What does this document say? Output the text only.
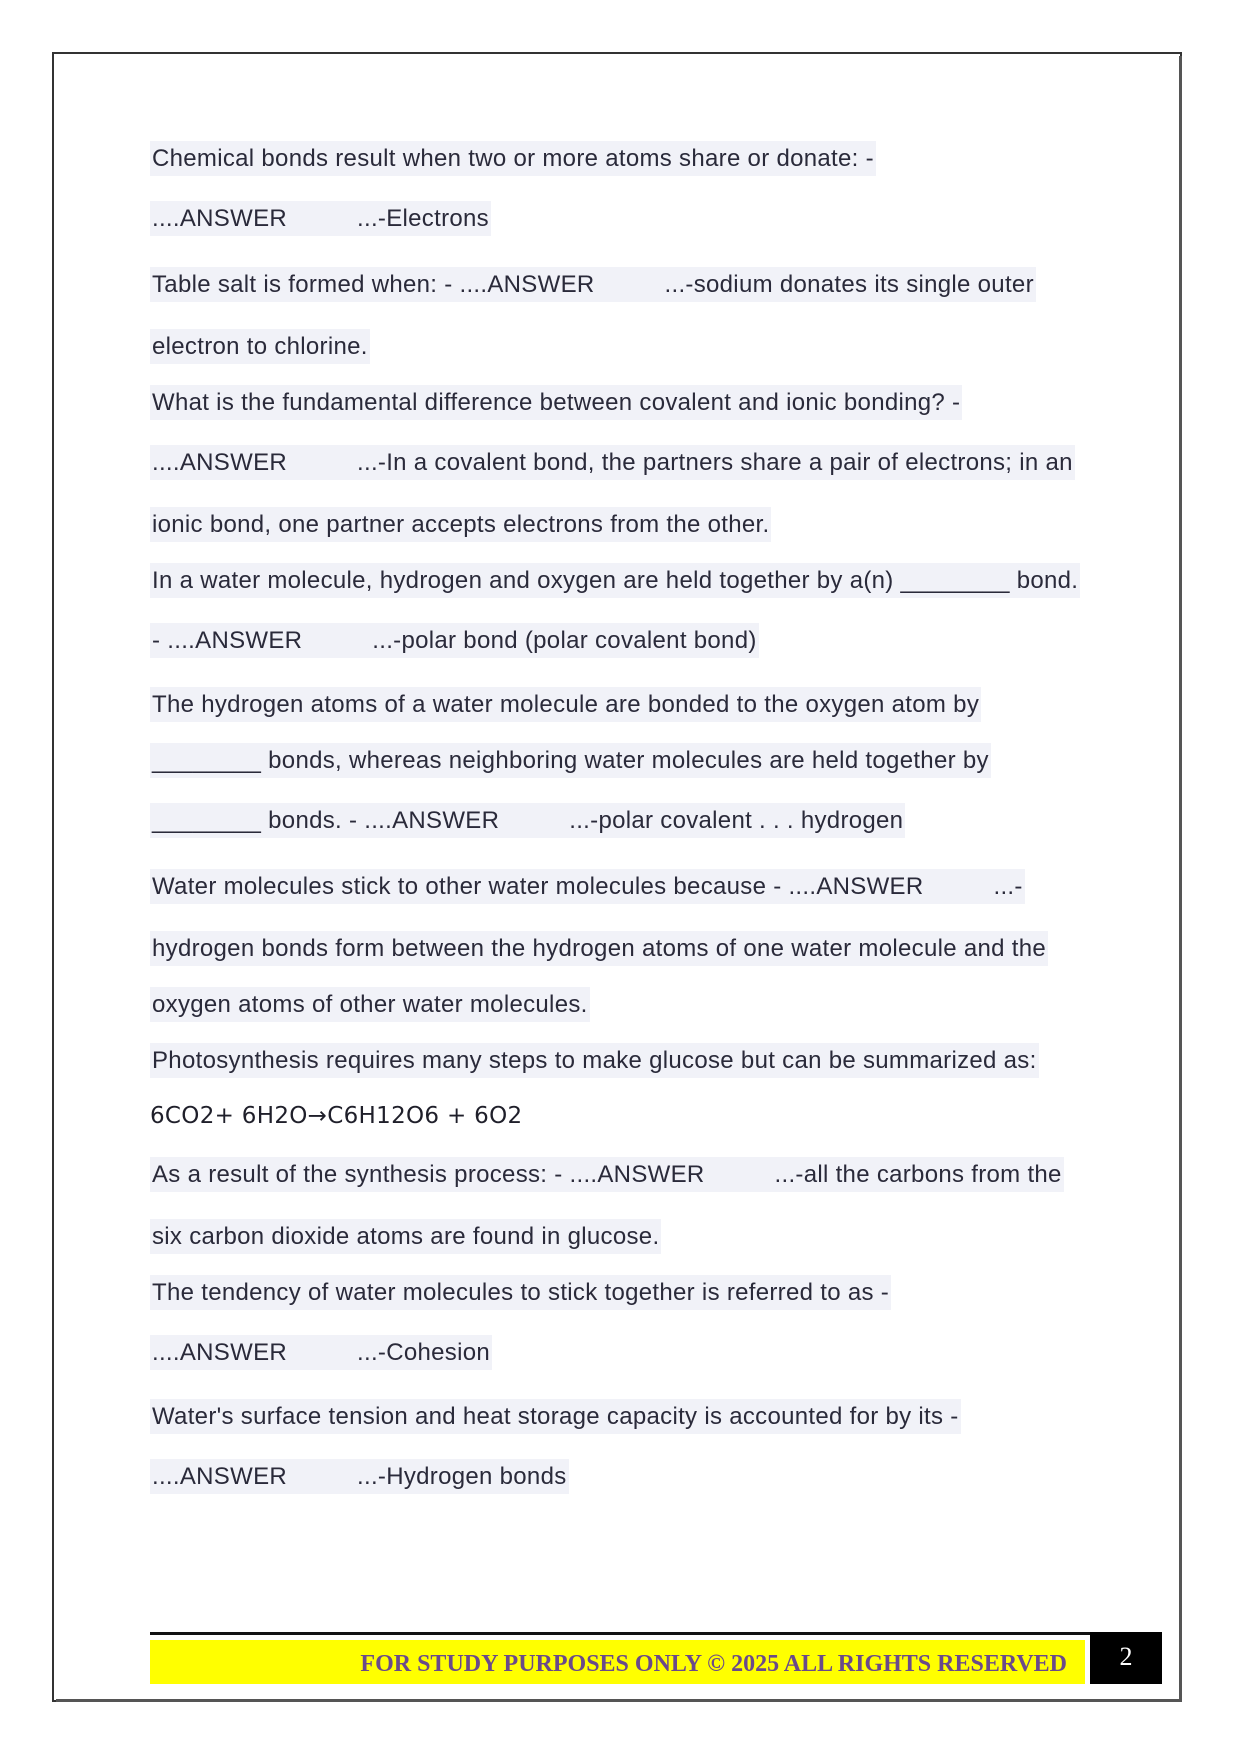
Chemical bonds result when two or more atoms share or donate: -
....ANSWER	...-Electrons
Table salt is formed when: - ....ANSWER	...-sodium donates its single outer
electron to chlorine.
What is the fundamental difference between covalent and ionic bonding? -
....ANSWER	...-In a covalent bond, the partners share a pair of electrons; in an
ionic bond, one partner accepts electrons from the other.
In a water molecule, hydrogen and oxygen are held together by a(n) ________ bond.
- ....ANSWER	...-polar bond (polar covalent bond)
The hydrogen atoms of a water molecule are bonded to the oxygen atom by
________ bonds, whereas neighboring water molecules are held together by
________ bonds. - ....ANSWER	...-polar covalent . . . hydrogen
Water molecules stick to other water molecules because - ....ANSWER	...-
hydrogen bonds form between the hydrogen atoms of one water molecule and the
oxygen atoms of other water molecules.
Photosynthesis requires many steps to make glucose but can be summarized as:
6CO2+ 6H2O→C6H12O6 + 6O2
As a result of the synthesis process: - ....ANSWER	...-all the carbons from the
six carbon dioxide atoms are found in glucose.
The tendency of water molecules to stick together is referred to as -
....ANSWER	...-Cohesion
Water's surface tension and heat storage capacity is accounted for by its -
....ANSWER	...-Hydrogen bonds
FOR STUDY PURPOSES ONLY © 2025 ALL RIGHTS RESERVED	2
